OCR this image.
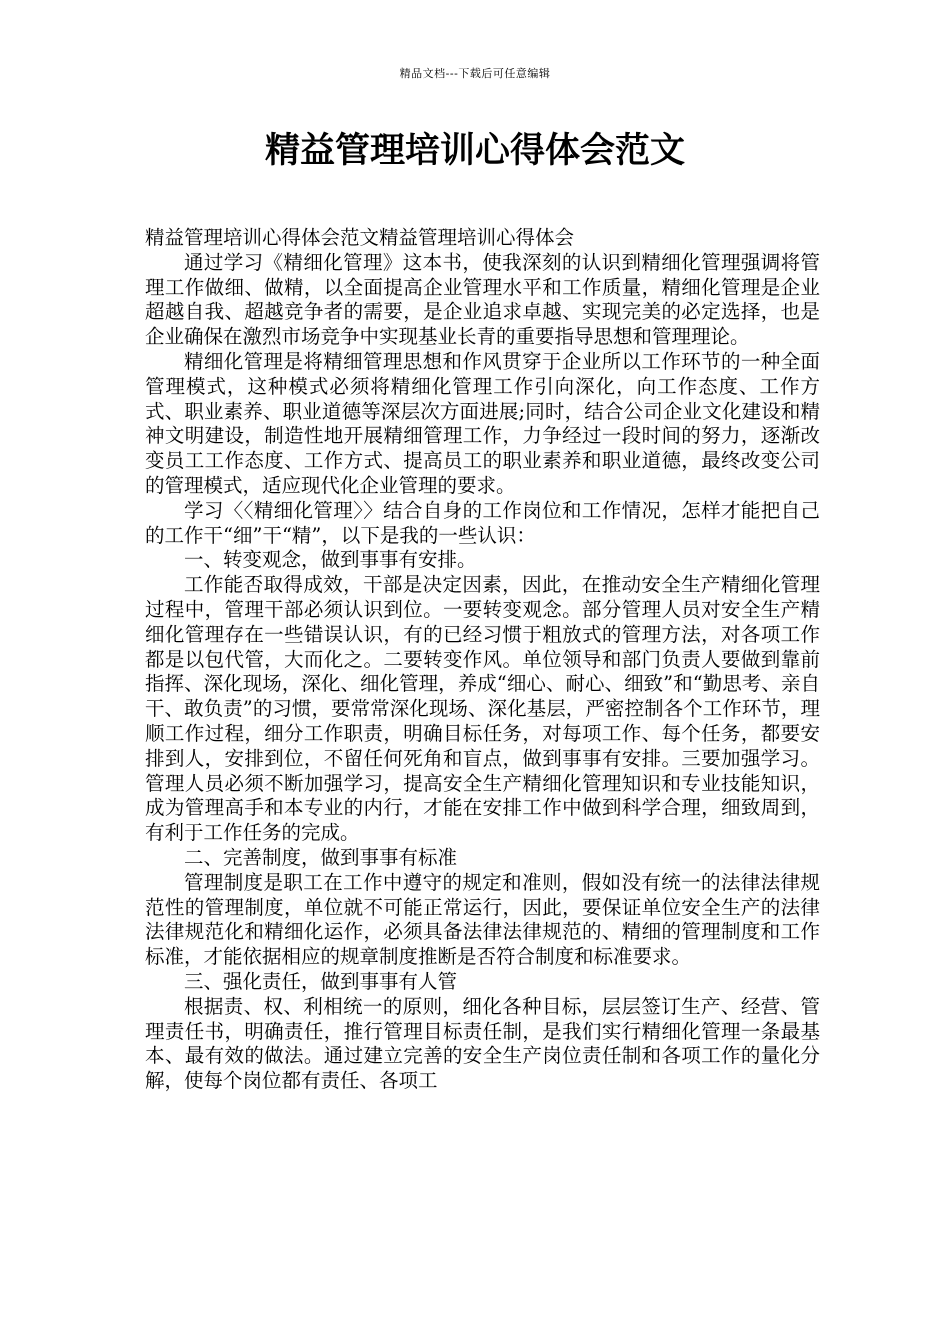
精品文档---下载后可任意编辑
精益管理培训心得体会范文

精益管理培训心得体会范文精益管理培训心得体会

通过学习《精细化管理》这本书，使我深刻的认识到精细化管理强调将管理工作做细、做精，以全面提高企业管理水平和工作质量，精细化管理是企业超越自我、超越竞争者的需要，是企业追求卓越、实现完美的必定选择，也是企业确保在激烈市场竞争中实现基业长青的重要指导思想和管理理论。

精细化管理是将精细管理思想和作风贯穿于企业所以工作环节的一种全面管理模式，这种模式必须将精细化管理工作引向深化，向工作态度、工作方式、职业素养、职业道德等深层次方面进展;同时，结合公司企业文化建设和精神文明建设，制造性地开展精细管理工作，力争经过一段时间的努力，逐渐改变员工工作态度、工作方式、提高员工的职业素养和职业道德，最终改变公司的管理模式，适应现代化企业管理的要求。

学习〈〈精细化管理〉〉结合自身的工作岗位和工作情况，怎样才能把自己的工作干“细”干“精”，以下是我的一些认识：

一、转变观念，做到事事有安排。

工作能否取得成效，干部是决定因素，因此，在推动安全生产精细化管理过程中，管理干部必须认识到位。一要转变观念。部分管理人员对安全生产精细化管理存在一些错误认识，有的已经习惯于粗放式的管理方法，对各项工作都是以包代管，大而化之。二要转变作风。单位领导和部门负责人要做到靠前指挥、深化现场，深化、细化管理，养成“细心、耐心、细致”和“勤思考、亲自干、敢负责”的习惯，要常常深化现场、深化基层，严密控制各个工作环节，理顺工作过程，细分工作职责，明确目标任务，对每项工作、每个任务，都要安排到人，安排到位，不留任何死角和盲点，做到事事有安排。三要加强学习。管理人员必须不断加强学习，提高安全生产精细化管理知识和专业技能知识，成为管理高手和本专业的内行，才能在安排工作中做到科学合理，细致周到，有利于工作任务的完成。

二、完善制度，做到事事有标准

管理制度是职工在工作中遵守的规定和准则，假如没有统一的法律法律规范性的管理制度，单位就不可能正常运行，因此，要保证单位安全生产的法律法律规范化和精细化运作，必须具备法律法律规范的、精细的管理制度和工作标准，才能依据相应的规章制度推断是否符合制度和标准要求。

三、强化责任，做到事事有人管

根据责、权、利相统一的原则，细化各种目标，层层签订生产、经营、管理责任书，明确责任，推行管理目标责任制，是我们实行精细化管理一条最基本、最有效的做法。通过建立完善的安全生产岗位责任制和各项工作的量化分解，使每个岗位都有责任、各项工
